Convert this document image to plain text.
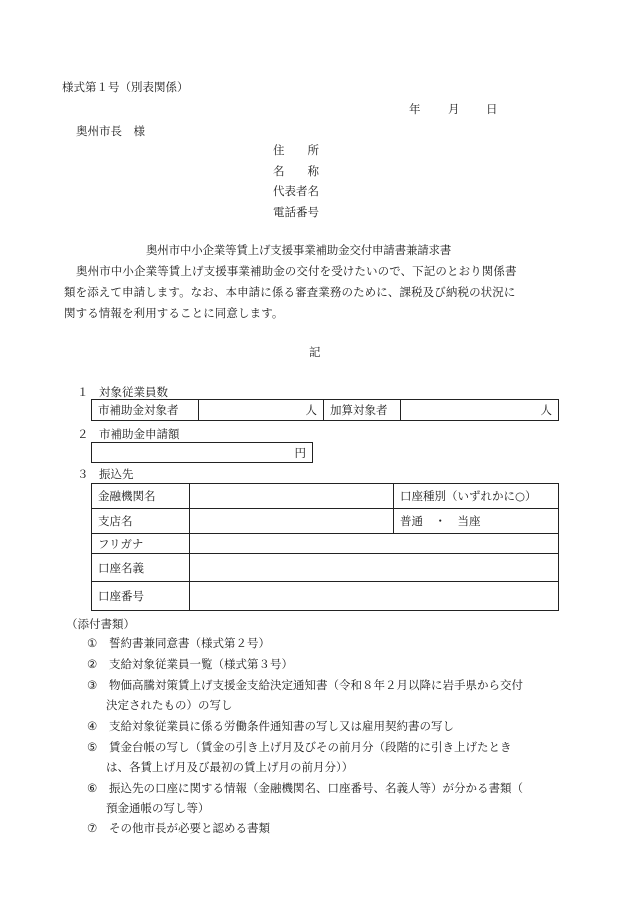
様式第１号（別表関係）
年 月 日
奥州市長　様
住　　所
名　　称
代表者名
電話番号
奥州市中小企業等賃上げ支援事業補助金交付申請書兼請求書
奥州市中小企業等賃上げ支援事業補助金の交付を受けたいので、下記のとおり関係書
類を添えて申請します。なお、本申請に係る審査業務のために、課税及び納税の状況に
関する情報を利用することに同意します。
記
１ 対象従業員数
市補助金対象者	人	加算対象者	人
２ 市補助金申請額
円
３ 振込先
金融機関名		口座種別（いずれかに○）
支店名		普通　・　当座
フリガナ		
口座名義		
口座番号		
（添付書類）
① 誓約書兼同意書（様式第２号）
② 支給対象従業員一覧（様式第３号）
③ 物価高騰対策賃上げ支援金支給決定通知書（令和８年２月以降に岩手県から交付
決定されたもの）の写し
④ 支給対象従業員に係る労働条件通知書の写し又は雇用契約書の写し
⑤ 賃金台帳の写し（賃金の引き上げ月及びその前月分（段階的に引き上げたとき
は、各賃上げ月及び最初の賃上げ月の前月分））
⑥ 振込先の口座に関する情報（金融機関名、口座番号、名義人等）が分かる書類（
預金通帳の写し等）
⑦ その他市長が必要と認める書類
